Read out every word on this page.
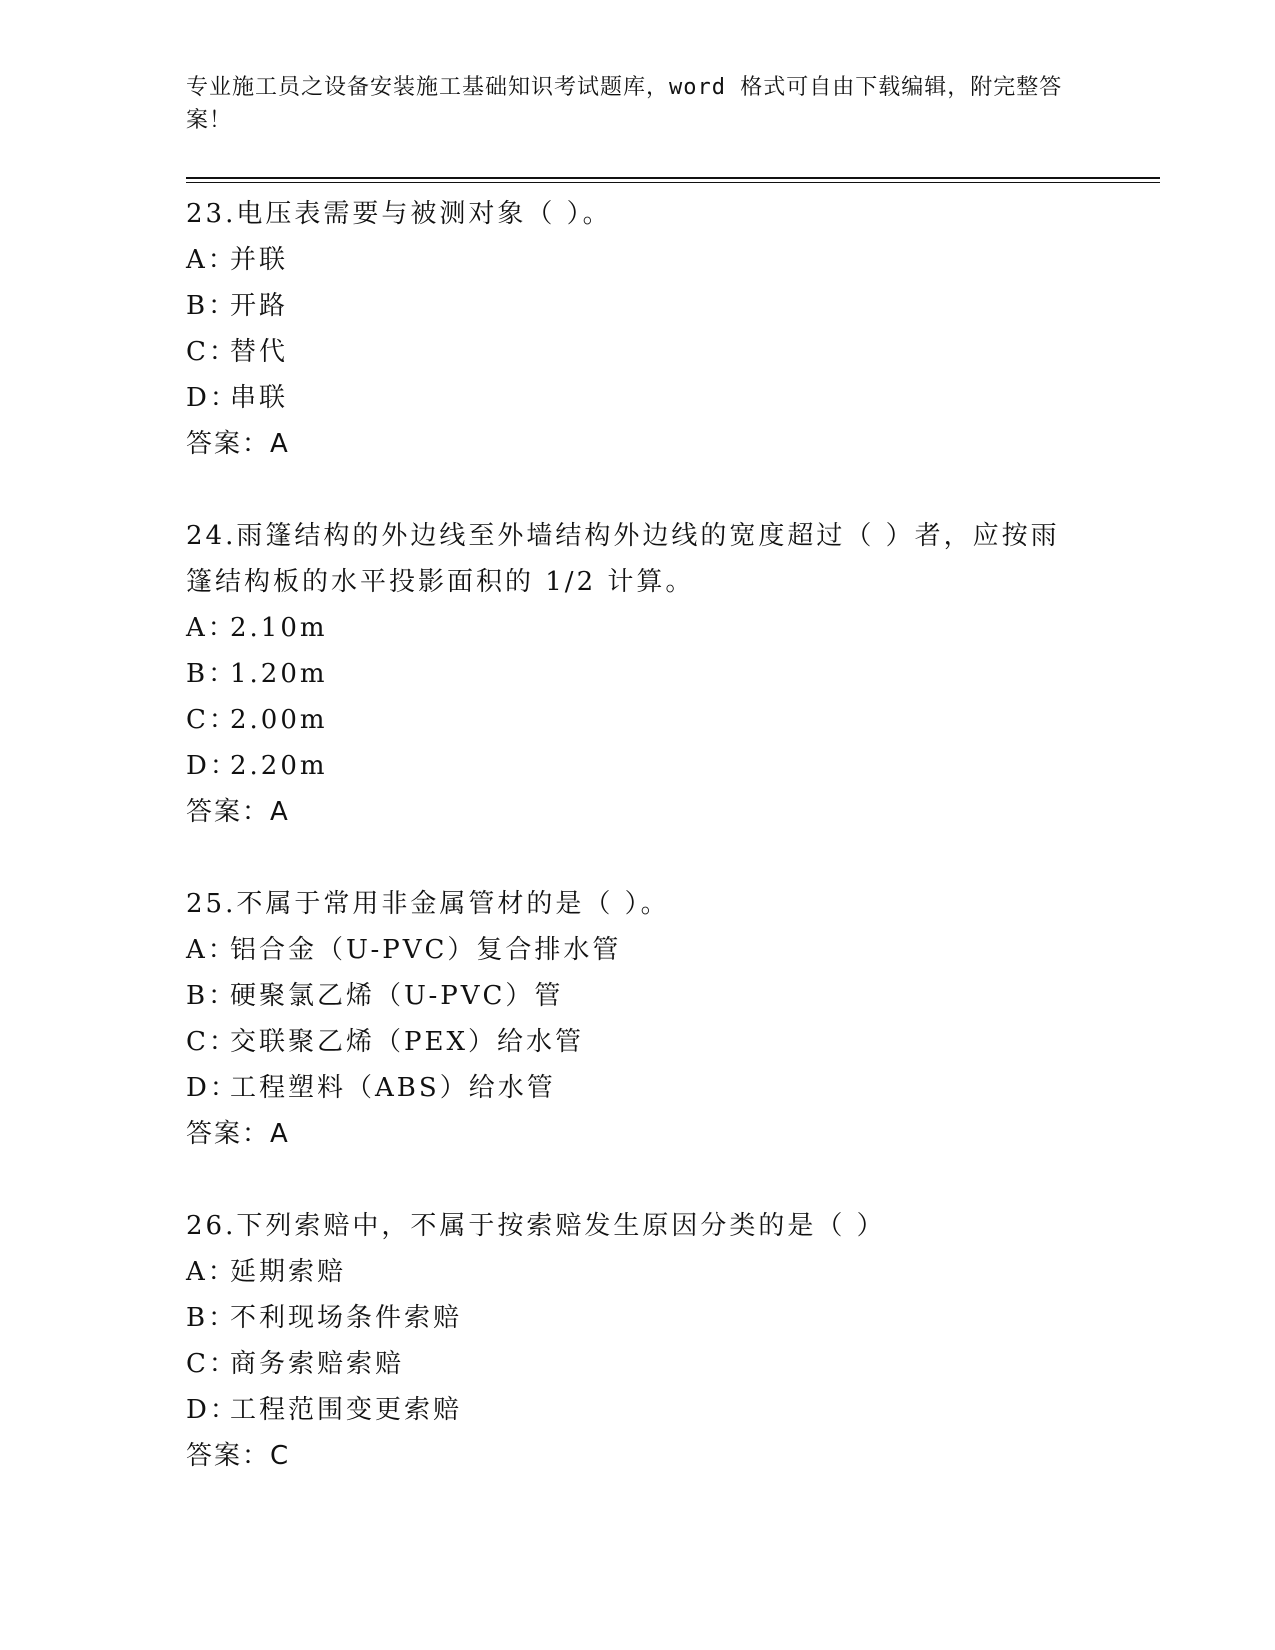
专业施工员之设备安装施工基础知识考试题库，word 格式可自由下载编辑，附完整答案！
23.电压表需要与被测对象（ ）。
A：并联
B：开路
C：替代
D：串联
答案：A
24.雨篷结构的外边线至外墙结构外边线的宽度超过（ ）者，应按雨篷结构板的水平投影面积的 1/2 计算。
A：2.10m
B：1.20m
C：2.00m
D：2.20m
答案：A
25.不属于常用非金属管材的是（ ）。
A：铝合金（U-PVC）复合排水管
B：硬聚氯乙烯（U-PVC）管
C：交联聚乙烯（PEX）给水管
D：工程塑料（ABS）给水管
答案：A
26.下列索赔中，不属于按索赔发生原因分类的是（ ）
A：延期索赔
B：不利现场条件索赔
C：商务索赔索赔
D：工程范围变更索赔
答案：C
